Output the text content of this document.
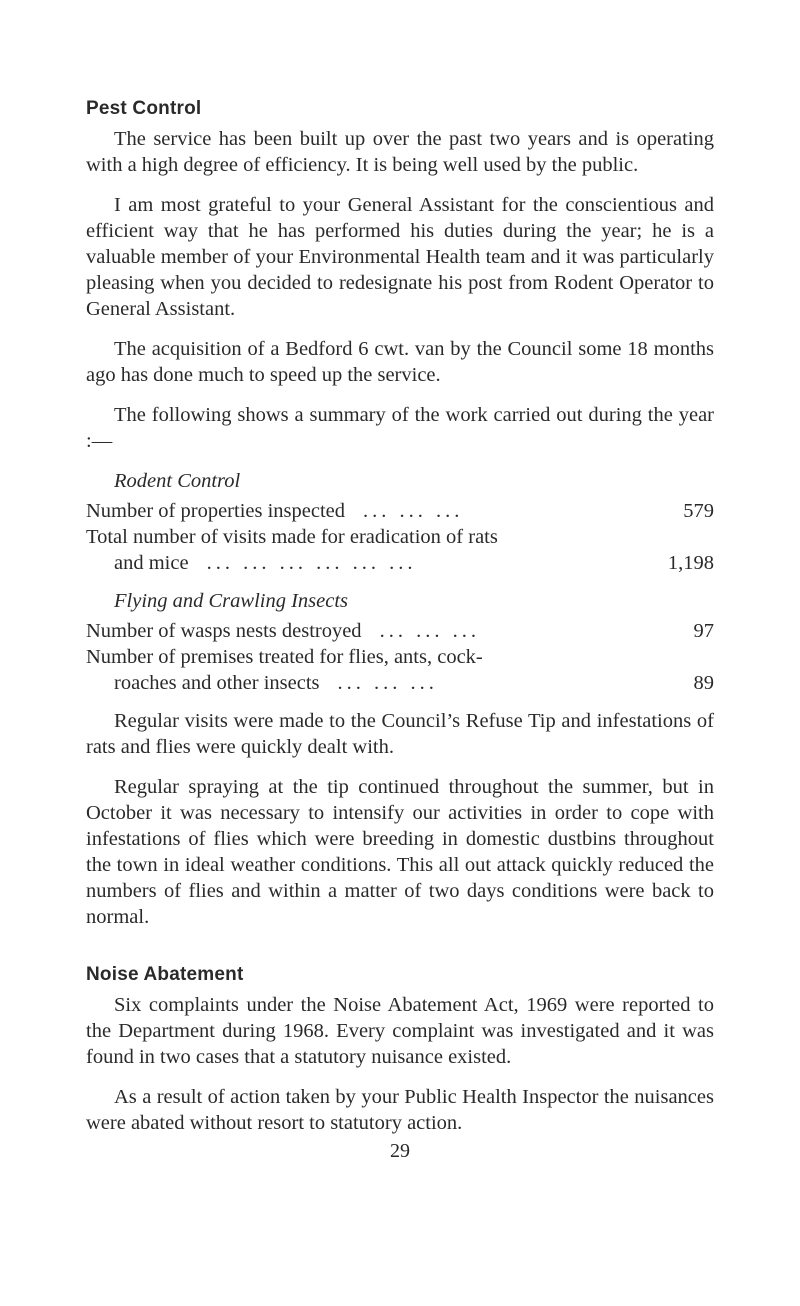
Pest Control

The service has been built up over the past two years and is operating with a high degree of efficiency. It is being well used by the public.

I am most grateful to your General Assistant for the conscientious and efficient way that he has performed his duties during the year; he is a valuable member of your Environmental Health team and it was particularly pleasing when you decided to redesignate his post from Rodent Operator to General Assistant.

The acquisition of a Bedford 6 cwt. van by the Council some 18 months ago has done much to speed up the service.

The following shows a summary of the work carried out during the year :—

Rodent Control
Number of properties inspected ... ... ...	579
Total number of visits made for eradication of rats
and mice ... ... ... ... ... ...	1,198
Flying and Crawling Insects
Number of wasps nests destroyed ... ... ...	97
Number of premises treated for flies, ants, cock-
roaches and other insects ... ... ...	89

Regular visits were made to the Council’s Refuse Tip and infestations of rats and flies were quickly dealt with.

Regular spraying at the tip continued throughout the summer, but in October it was necessary to intensify our activities in order to cope with infestations of flies which were breeding in domestic dustbins throughout the town in ideal weather conditions. This all out attack quickly reduced the numbers of flies and within a matter of two days conditions were back to normal.

Noise Abatement

Six complaints under the Noise Abatement Act, 1969 were reported to the Department during 1968. Every complaint was investigated and it was found in two cases that a statutory nuisance existed.

As a result of action taken by your Public Health Inspector the nuisances were abated without resort to statutory action.

29
